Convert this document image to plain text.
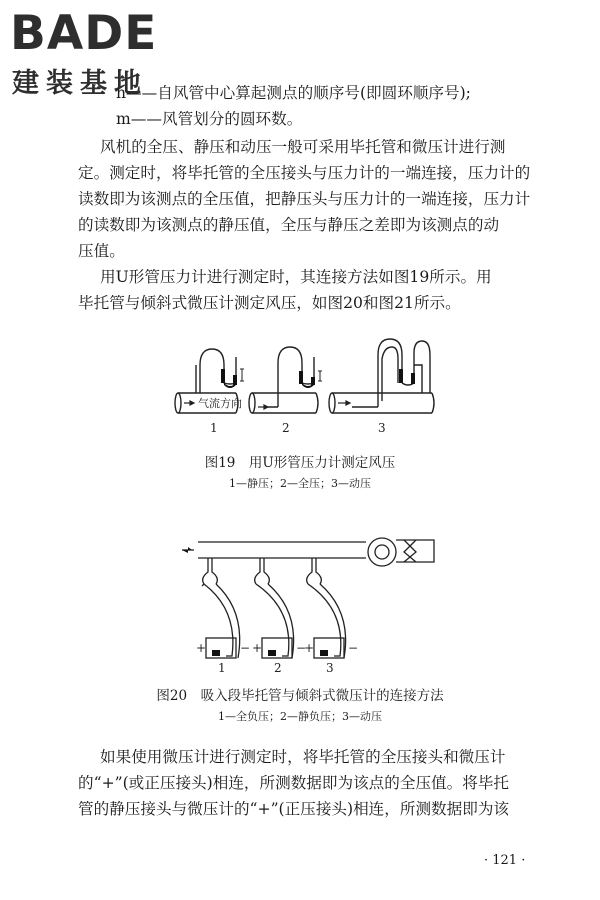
BADE
建装基地

n——自风管中心算起测点的顺序号(即圆环顺序号);

m——风管划分的圆环数。

风机的全压、静压和动压一般可采用毕托管和微压计进行测

定。测定时，将毕托管的全压接头与压力计的一端连接，压力计的

读数即为该测点的全压值，把静压头与压力计的一端连接，压力计

的读数即为该测点的静压值，全压与静压之差即为该测点的动

压值。

用U形管压力计进行测定时，其连接方法如图19所示。用

毕托管与倾斜式微压计测定风压，如图20和图21所示。

气流方向
1	2	3

图19　用U形管压力计测定风压

1—静压；2—全压；3—动压

+	− +	−
+	−
1	2	3

图20　吸入段毕托管与倾斜式微压计的连接方法

1—全负压；2—静负压；3—动压

如果使用微压计进行测定时，将毕托管的全压接头和微压计

的“+”(或正压接头)相连，所测数据即为该点的全压值。将毕托

管的静压接头与微压计的“+”(正压接头)相连，所测数据即为该

· 121 ·
